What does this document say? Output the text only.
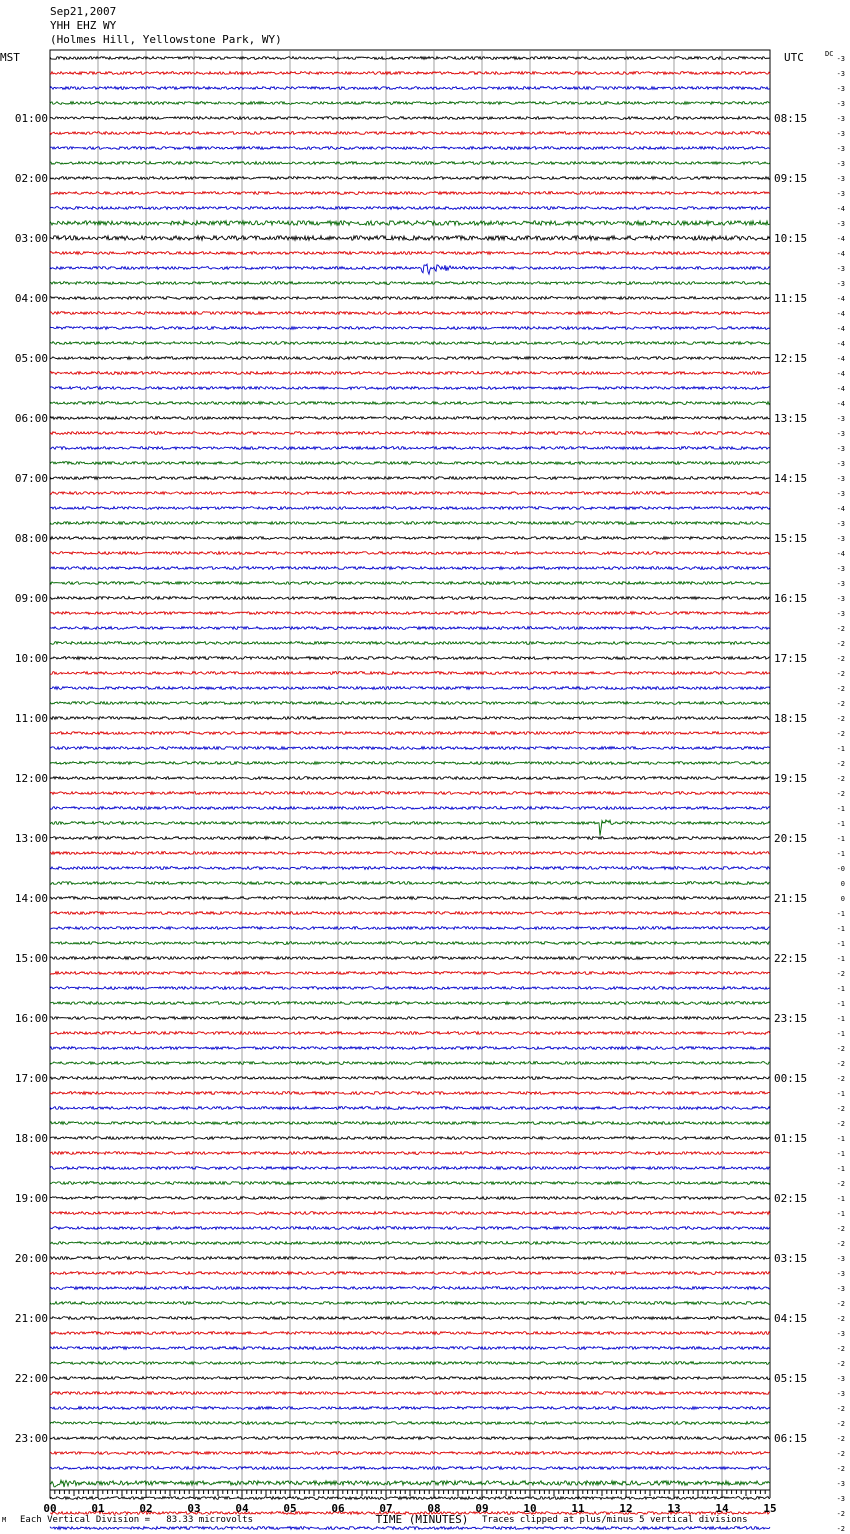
Sep21,2007
YHH EHZ WY
(Holmes Hill, Yellowstone Park, WY)
00	01	02	03	04	05	06	07	08	09	10	11	12	13	14	15
TIME (MINUTES)
MST	UTC	DC
01:00
02:00
03:00
04:00
05:00
06:00
07:00
08:00
09:00
10:00
11:00
12:00
13:00
14:00
15:00
16:00
17:00
18:00
19:00
20:00
21:00
22:00
23:00
08:15
09:15
10:15
11:15
12:15
13:15
14:15
15:15
16:15
17:15
18:15
19:15
20:15
21:15
22:15
23:15
00:15
01:15
02:15
03:15
04:15
05:15
06:15
-3
-3
-3
-3
-3
-3
-3
-3
-3
-3
-4
-3
-4
-4
-3
-3
-4
-4
-4
-4
-4
-4
-4
-4
-3
-3
-3
-3
-3
-3
-4
-3
-3
-4
-3
-3
-3
-3
-2
-2
-2
-2
-2
-2
-2
-2
-1
-2
-2
-2
-1
-1
-1
-1
-0
0
0
-1
-1
-1
-1
-2
-1
-1
-1
-1
-2
-2
-2
-1
-2
-2
-1
-1
-1
-2
-1
-1
-2
-2
-3
-3
-3
-2
-2
-3
-2
-2
-3
-3
-2
-2
-2
-2
-2
-3
-3
-2
-2
M Each Vertical Division =   83.33 microvolts	Traces clipped at plus/minus 5 vertical divisions
